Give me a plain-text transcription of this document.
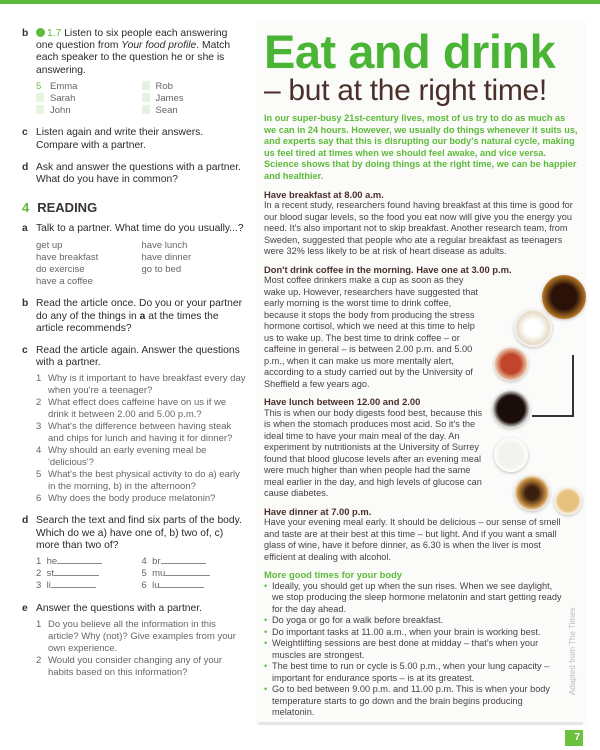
b	1.7 Listen to six people each answering one question from Your food profile. Match each speaker to the question he or she is answering.
5 Emma	Rob
Sarah	James
John	Sean
c Listen again and write their answers. Compare with a partner.
d Ask and answer the questions with a partner. What do you have in common?
4 READING
a Talk to a partner. What time do you usually...?
get up	have lunch
have breakfast	have dinner
do exercise	go to bed
have a coffee
b Read the article once. Do you or your partner do any of the things in a at the times the article recommends?
c Read the article again. Answer the questions with a partner.
1 Why is it important to have breakfast every day when you're a teenager?
2 What effect does caffeine have on us if we drink it between 2.00 and 5.00 p.m.?
3 What's the difference between having steak and chips for lunch and having it for dinner?
4 Why should an early evening meal be 'delicious'?
5 What's the best physical activity to do a) early in the morning, b) in the afternoon?
6 Why does the body produce melatonin?
d Search the text and find six parts of the body. Which do we a) have one of, b) two of, c) more than two of?
1 he	4 br
2 st	5 mu
3 li	6 lu
e Answer the questions with a partner.
1 Do you believe all the information in this article? Why (not)? Give examples from your own experience.
2 Would you consider changing any of your habits based on this information?
Eat and drink
– but at the right time!
In our super-busy 21st-century lives, most of us try to do as much as we can in 24 hours. However, we usually do things whenever it suits us, and experts say that this is disrupting our body's natural cycle, making us feel tired at times when we should feel awake, and vice versa. Science shows that by doing things at the right time, we can be happier and healthier.
Have breakfast at 8.00 a.m.

In a recent study, researchers found having breakfast at this time is good for our blood sugar levels, so the food you eat now will give you the energy you need. It's also important not to skip breakfast. Another research team, from Sweden, suggested that people who ate a regular breakfast as teenagers were 32% less likely to be at risk of heart disease as adults.

Don't drink coffee in the morning. Have one at 3.00 p.m.

Most coffee drinkers make a cup as soon as they wake up. However, researchers have suggested that early morning is the worst time to drink coffee, because it stops the body from producing the stress hormone cortisol, which we need at this time to help us to wake up. The best time to drink coffee – or caffeine in general – is between 2.00 p.m. and 5.00 p.m., when it can make us more mentally alert, according to a study carried out by the University of Sheffield a few years ago.

Have lunch between 12.00 and 2.00

This is when our body digests food best, because this is when the stomach produces most acid. So it's the ideal time to have your main meal of the day. An experiment by nutritionists at the University of Surrey found that blood glucose levels after an evening meal were much higher than when people had the same meal earlier in the day, and high levels of glucose can cause diabetes.

Have dinner at 7.00 p.m.

Have your evening meal early. It should be delicious – our sense of smell and taste are at their best at this time – but light. And if you want a small glass of wine, have it before dinner, as 6.30 is when the liver is most efficient at dealing with alcohol.

More good times for your body
• Ideally, you should get up when the sun rises. When we see daylight, we stop producing the sleep hormone melatonin and start getting ready for the day ahead.
• Do yoga or go for a walk before breakfast.
• Do important tasks at 11.00 a.m., when your brain is working best.
• Weightlifting sessions are best done at midday – that's when your muscles are strongest.
• The best time to run or cycle is 5.00 p.m., when your lung capacity – important for endurance sports – is at its greatest.
• Go to bed between 9.00 p.m. and 11.00 p.m. This is when your body temperature starts to go down and the brain begins producing melatonin.
Adapted from The Times
7
